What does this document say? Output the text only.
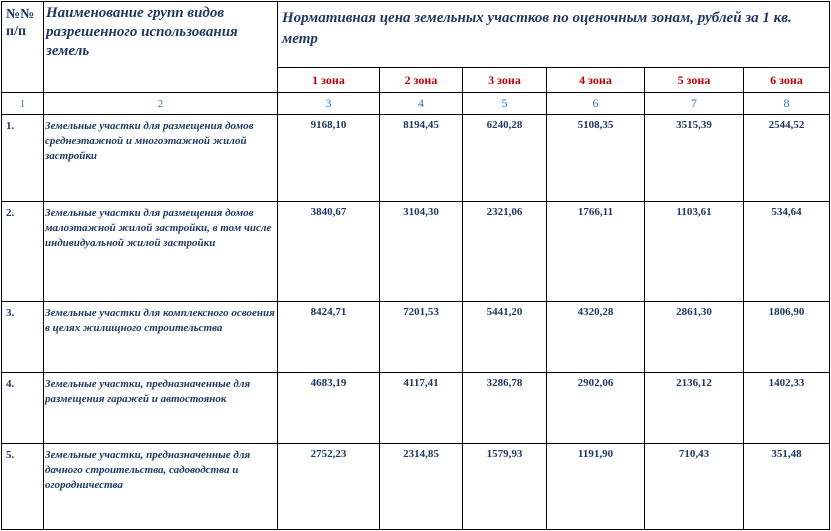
№№ п/п	Наименование групп видов разрешенного использования земель	Нормативная цена земельных участков по оценочным зонам, рублей за 1 кв. метр					
		1 зона	2 зона	3 зона	4 зона	5 зона	6 зона
1	2	3	4	5	6	7	8
1.	Земельные участки для размещения домов среднеэтажной и многоэтажной жилой застройки	9168,10	8194,45	6240,28	5108,35	3515,39	2544,52
2.	Земельные участки для размещения домов малоэтажной жилой застройки, в том числе индивидуальной жилой застройки	3840,67	3104,30	2321,06	1766,11	1103,61	534,64
3.	Земельные участки для комплексного освоения в целях жилищного строительства	8424,71	7201,53	5441,20	4320,28	2861,30	1806,90
4.	Земельные участки, предназначенные для размещения гаражей и автостоянок	4683,19	4117,41	3286,78	2902,06	2136,12	1402,33
5.	Земельные участки, предназначенные для дачного строительства, садоводства и огородничества	2752,23	2314,85	1579,93	1191,90	710,43	351,48
